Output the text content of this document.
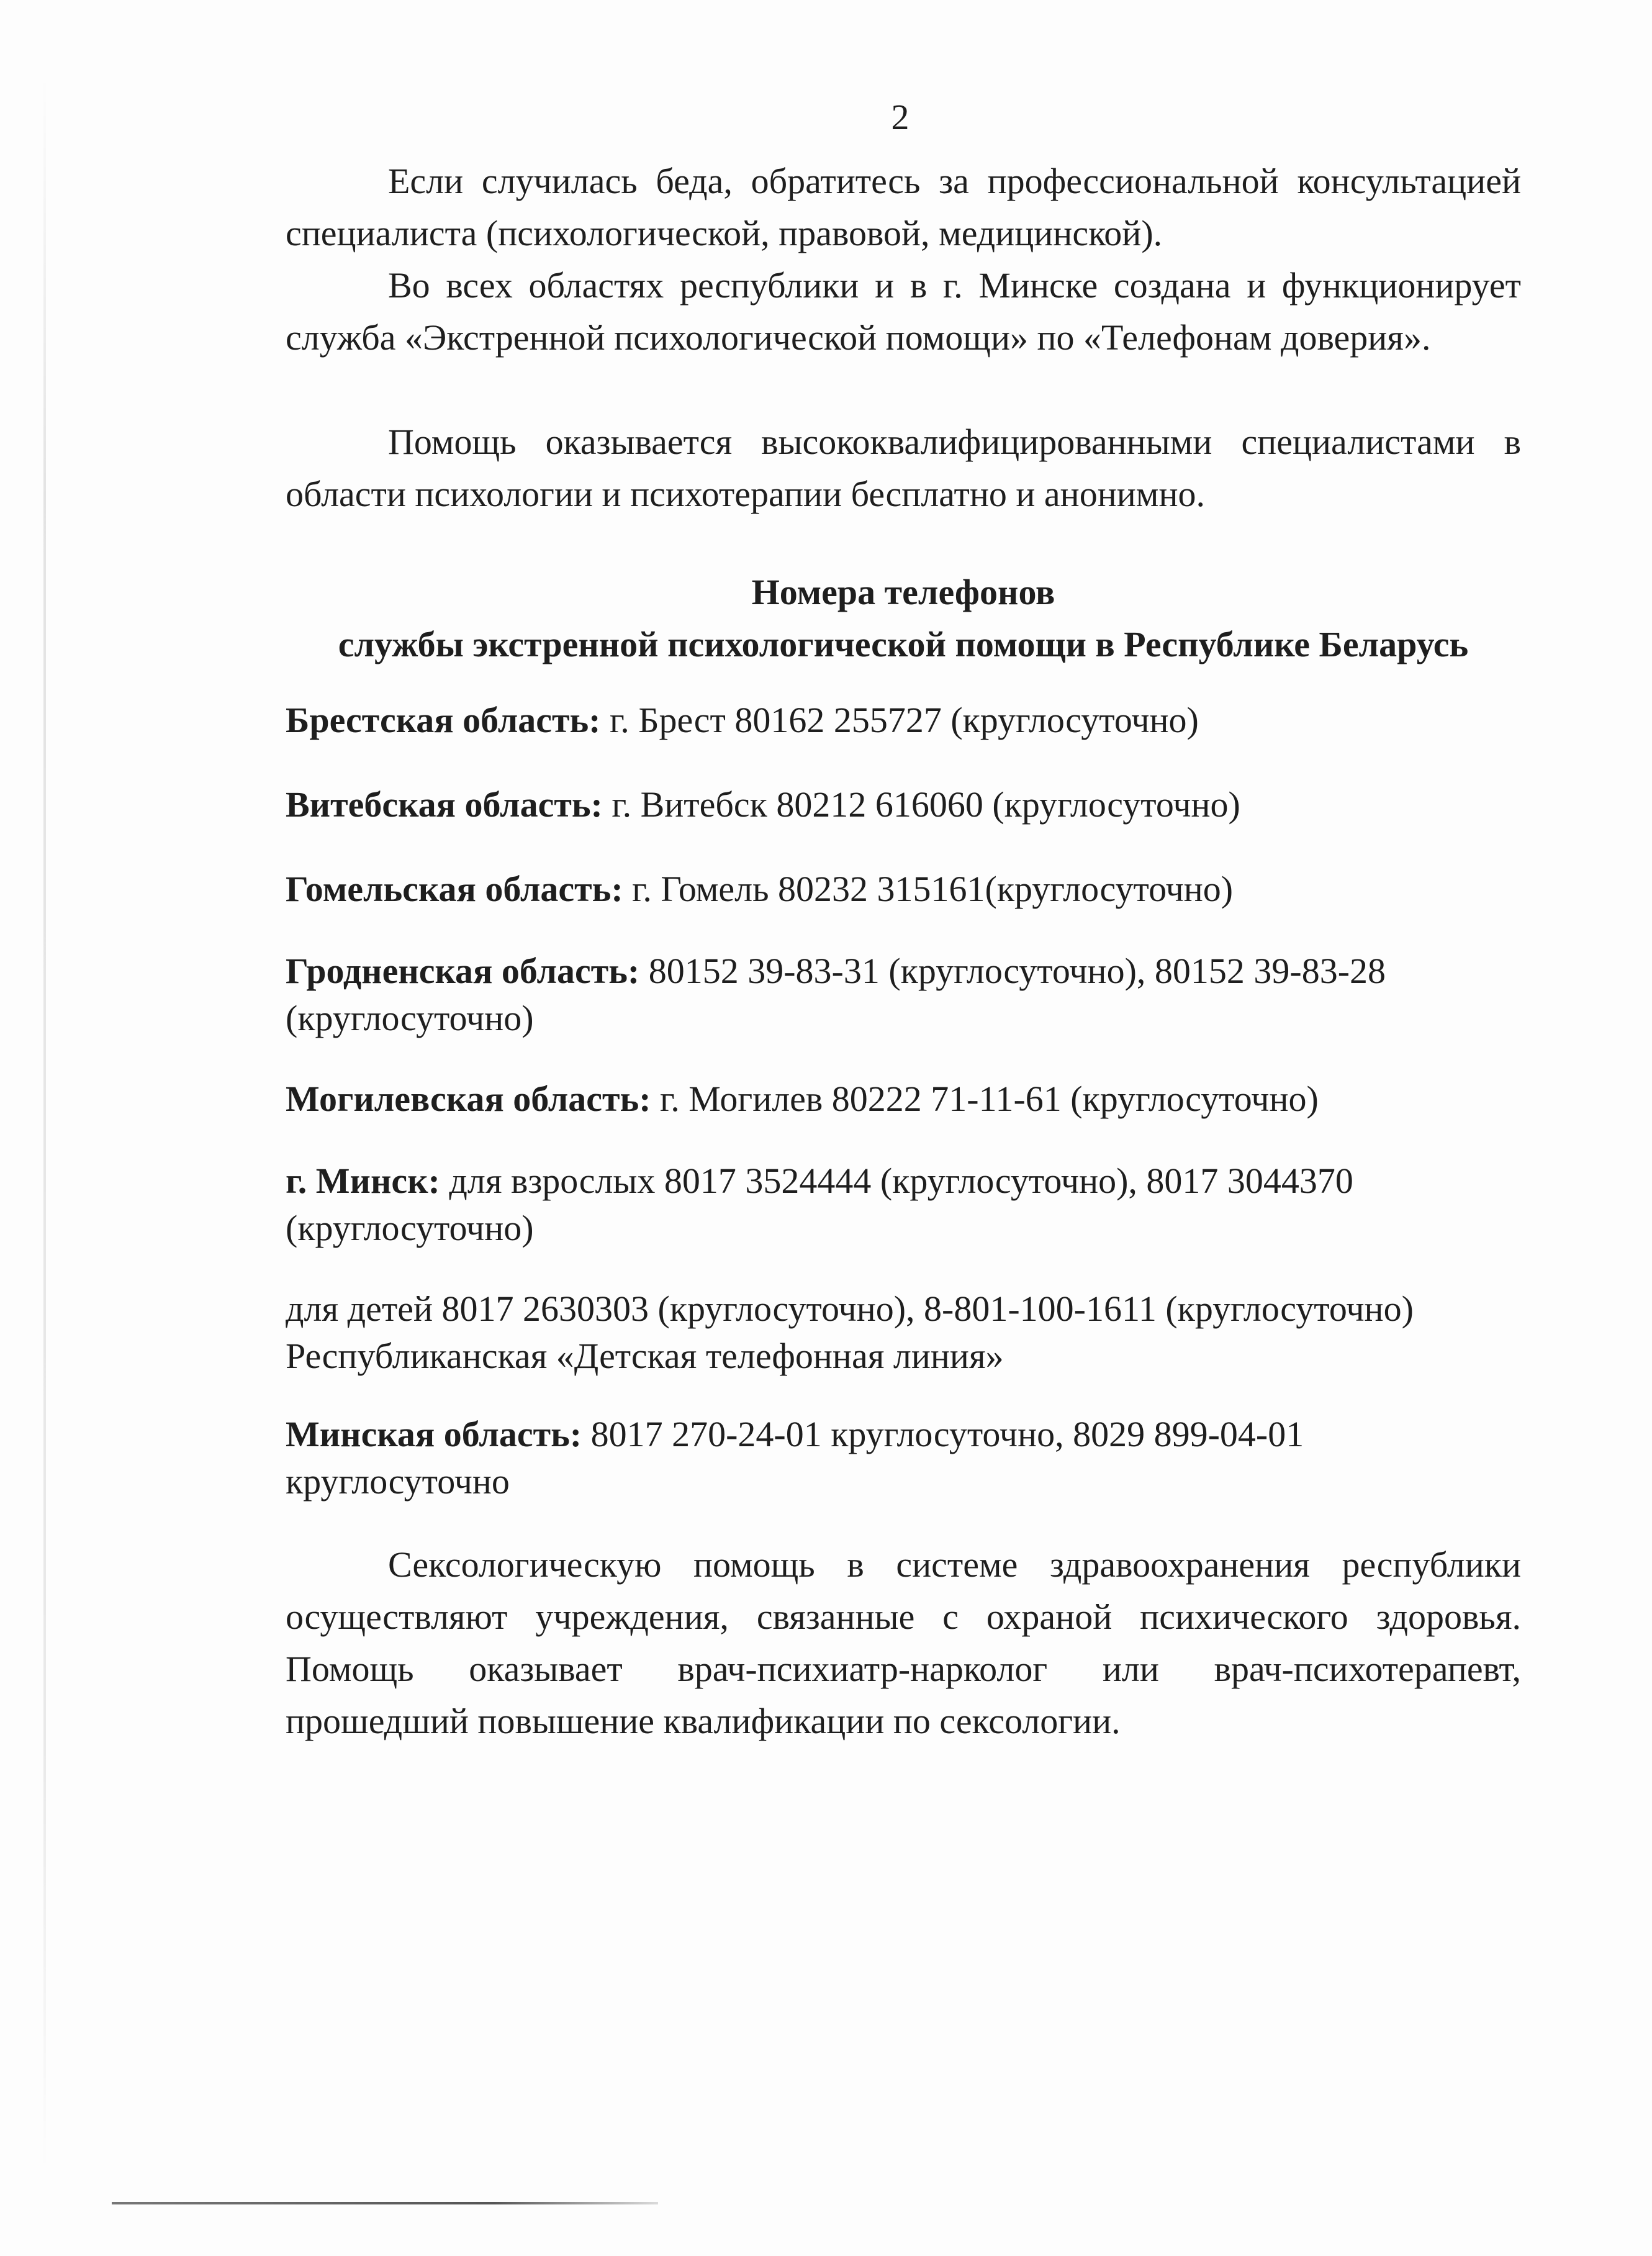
2
Если случилась беда, обратитесь за профессиональной консультацией специалиста (психологической, правовой, медицинской).
Во всех областях республики и в г. Минске создана и функционирует служба «Экстренной психологической помощи» по «Телефонам доверия».
Помощь оказывается высококвалифицированными специалистами в области психологии и психотерапии бесплатно и анонимно.

Номера телефонов

службы экстренной психологической помощи в Республике Беларусь

Брестская область: г. Брест 80162 255727 (круглосуточно)
Витебская область: г. Витебск 80212 616060 (круглосуточно)
Гомельская область: г. Гомель 80232 315161(круглосуточно)
Гродненская область: 80152 39-83-31 (круглосуточно), 80152 39-83-28 (круглосуточно)
Могилевская область: г. Могилев 80222 71-11-61 (круглосуточно)
г. Минск: для взрослых 8017 3524444 (круглосуточно), 8017 3044370 (круглосуточно)

для детей 8017 2630303 (круглосуточно), 8-801-100-1611 (круглосуточно)

Республиканская «Детская телефонная линия»

Минская область: 8017 270-24-01 круглосуточно, 8029 899-04-01 круглосуточно
Сексологическую помощь в системе здравоохранения республики осуществляют учреждения, связанные с охраной психического здоровья. Помощь оказывает врач-психиатр-нарколог или врач-психотерапевт, прошедший повышение квалификации по сексологии.
